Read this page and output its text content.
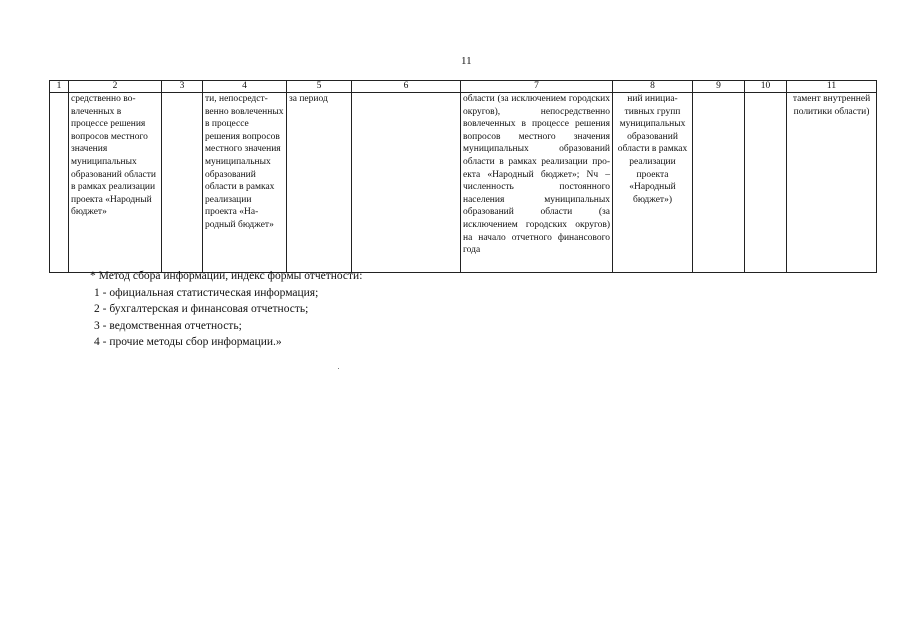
11
1	2	3	4	5	6	7	8	9	10	11
	средственно вовлеченных в процессе решения вопросов местного значения муниципальных образований области в рамках реализации проекта «Народный бюджет»		ти, непосредственно вовлеченных в процессе решения вопросов местного значения муниципальных образований области в рамках реализации проекта «Народный бюджет»	за период		области (за исключением городских округов), непосредственно вовлеченных в процессе решения вопросов местного значения муниципальных образований области в рамках реализации проекта «Народный бюджет»; Nч – численность постоянного населения муниципальных образований области (за исключением городских округов) на начало отчетного финансового года	ний инициативных групп муниципальных образований области в рамках реализации проекта «Народный бюджет»)			тамент внутренней политики области)
* Метод сбора информации, индекс формы отчетности:
1 - официальная статистическая информация;
2 - бухгалтерская и финансовая отчетность;
3 - ведомственная отчетность;
4 - прочие методы сбор информации.»
